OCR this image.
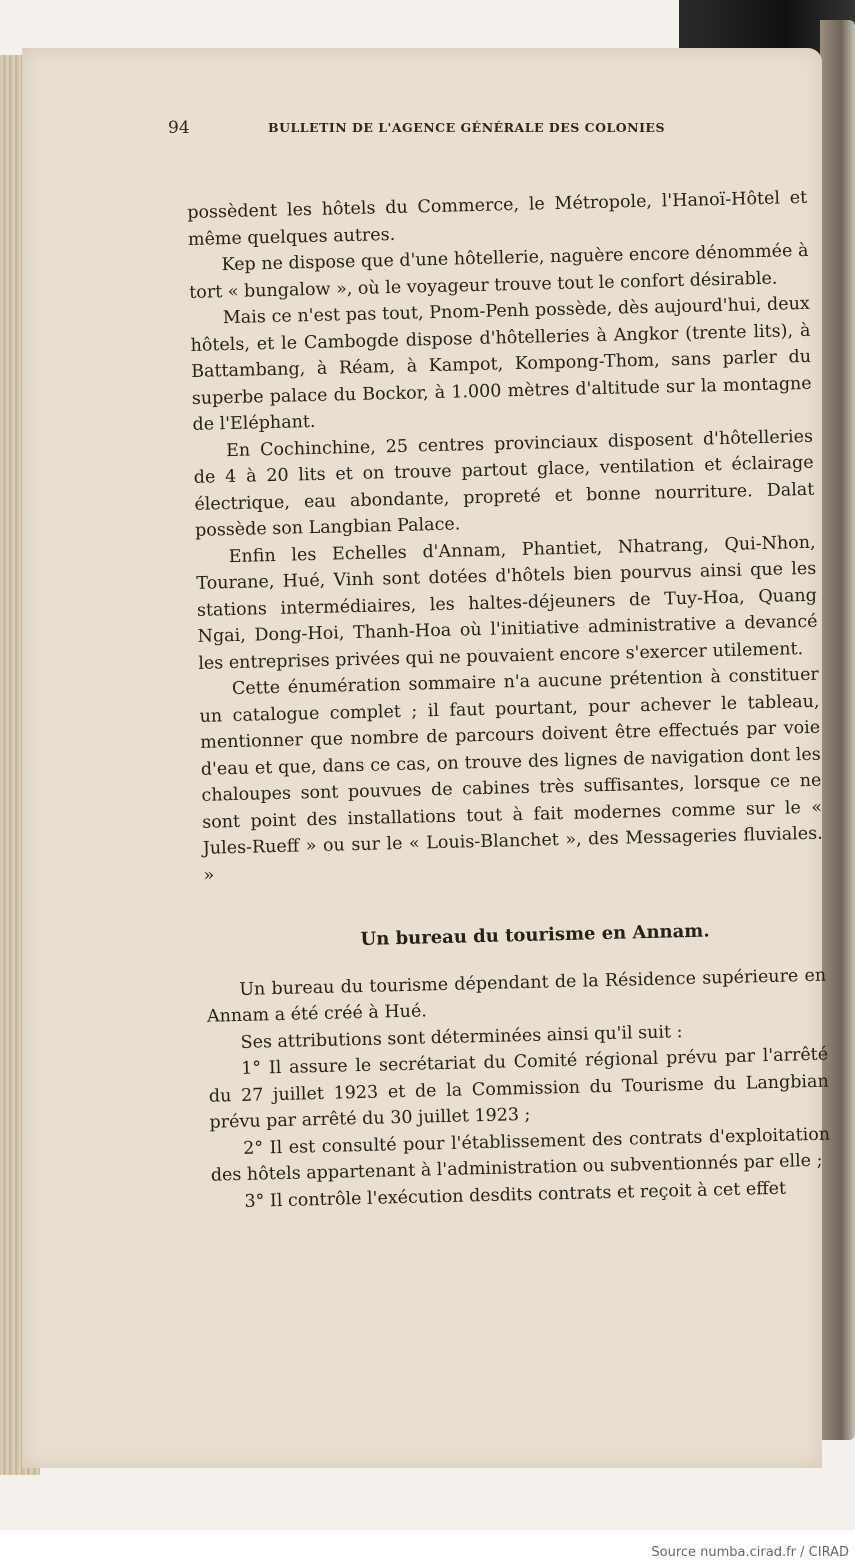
94	BULLETIN DE L'AGENCE GÉNÉRALE DES COLONIES

possèdent les hôtels du Commerce, le Métropole, l'Hanoï-Hôtel et même quelques autres.

Kep ne dispose que d'une hôtellerie, naguère encore dénommée à tort « bungalow », où le voyageur trouve tout le confort désirable.

Mais ce n'est pas tout, Pnom-Penh possède, dès aujourd'hui, deux hôtels, et le Cambogde dispose d'hôtelleries à Angkor (trente lits), à Battambang, à Réam, à Kampot, Kompong-Thom, sans parler du superbe palace du Bockor, à 1.000 mètres d'altitude sur la montagne de l'Eléphant.

En Cochinchine, 25 centres provinciaux disposent d'hôtelleries de 4 à 20 lits et on trouve partout glace, ventilation et éclairage électrique, eau abondante, propreté et bonne nourriture. Dalat possède son Langbian Palace.

Enfin les Echelles d'Annam, Phantiet, Nhatrang, Qui-Nhon, Tourane, Hué, Vinh sont dotées d'hôtels bien pourvus ainsi que les stations intermédiaires, les haltes-déjeuners de Tuy-Hoa, Quang Ngai, Dong-Hoi, Thanh-Hoa où l'initiative administrative a devancé les entreprises privées qui ne pouvaient encore s'exercer utilement.

Cette énumération sommaire n'a aucune prétention à constituer un catalogue complet ; il faut pourtant, pour achever le tableau, mentionner que nombre de parcours doivent être effectués par voie d'eau et que, dans ce cas, on trouve des lignes de navigation dont les chaloupes sont pouvues de cabines très suffisantes, lorsque ce ne sont point des installations tout à fait modernes comme sur le « Jules-Rueff » ou sur le « Louis-Blanchet », des Messageries fluviales. »

Un bureau du tourisme en Annam.

Un bureau du tourisme dépendant de la Résidence supérieure en Annam a été créé à Hué.

Ses attributions sont déterminées ainsi qu'il suit :

1° Il assure le secrétariat du Comité régional prévu par l'arrêté du 27 juillet 1923 et de la Commission du Tourisme du Langbian prévu par arrêté du 30 juillet 1923 ;

2° Il est consulté pour l'établissement des contrats d'exploitation des hôtels appartenant à l'administration ou subventionnés par elle ;

3° Il contrôle l'exécution desdits contrats et reçoit à cet effet

Source numba.cirad.fr / CIRAD
